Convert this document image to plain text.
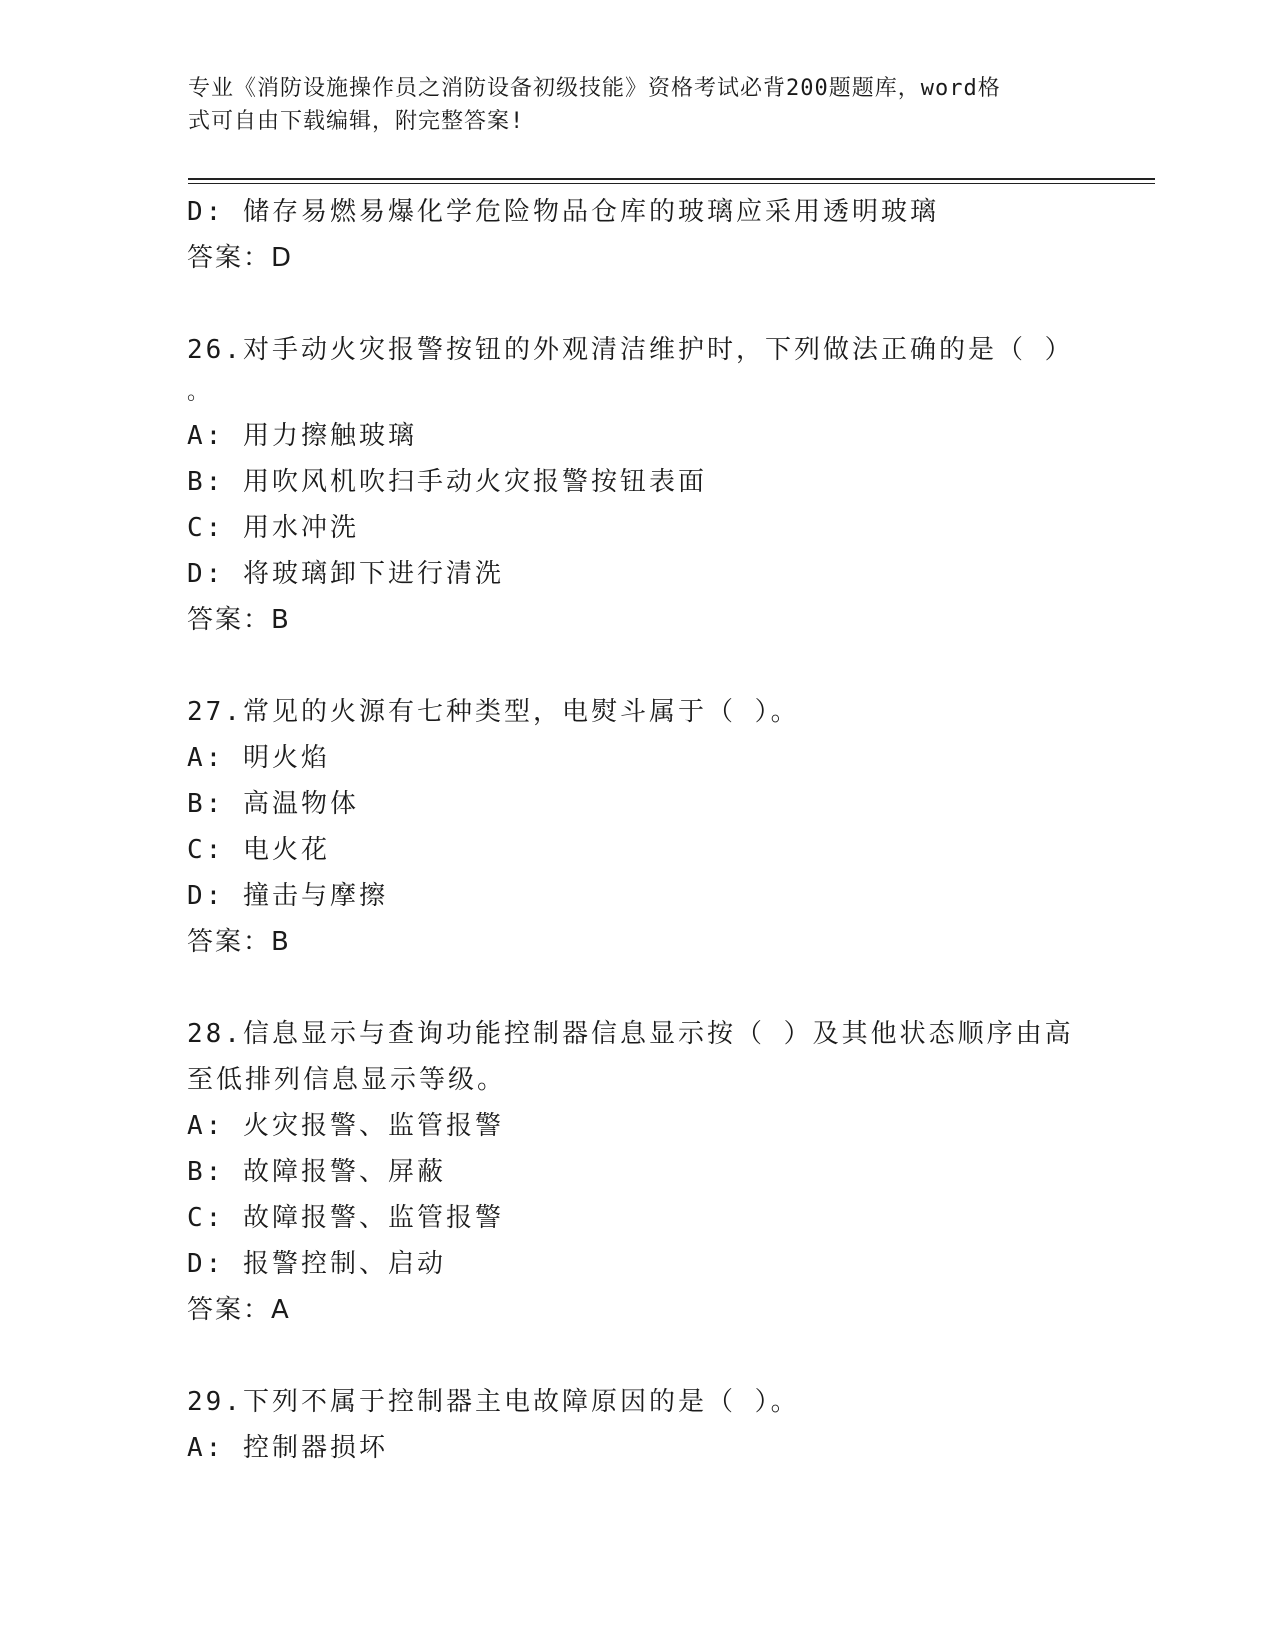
专业《消防设施操作员之消防设备初级技能》资格考试必背200题题库，word格
式可自由下载编辑，附完整答案!
D: 储存易燃易爆化学危险物品仓库的玻璃应采用透明玻璃
答案：D
26.对手动火灾报警按钮的外观清洁维护时，下列做法正确的是（ ）
。
A: 用力擦触玻璃
B: 用吹风机吹扫手动火灾报警按钮表面
C: 用水冲洗
D: 将玻璃卸下进行清洗
答案：B
27.常见的火源有七种类型，电熨斗属于（ ）。
A: 明火焰
B: 高温物体
C: 电火花
D: 撞击与摩擦
答案：B
28.信息显示与查询功能控制器信息显示按（ ）及其他状态顺序由高
至低排列信息显示等级。
A: 火灾报警、监管报警
B: 故障报警、屏蔽
C: 故障报警、监管报警
D: 报警控制、启动
答案：A
29.下列不属于控制器主电故障原因的是（ ）。
A: 控制器损坏
